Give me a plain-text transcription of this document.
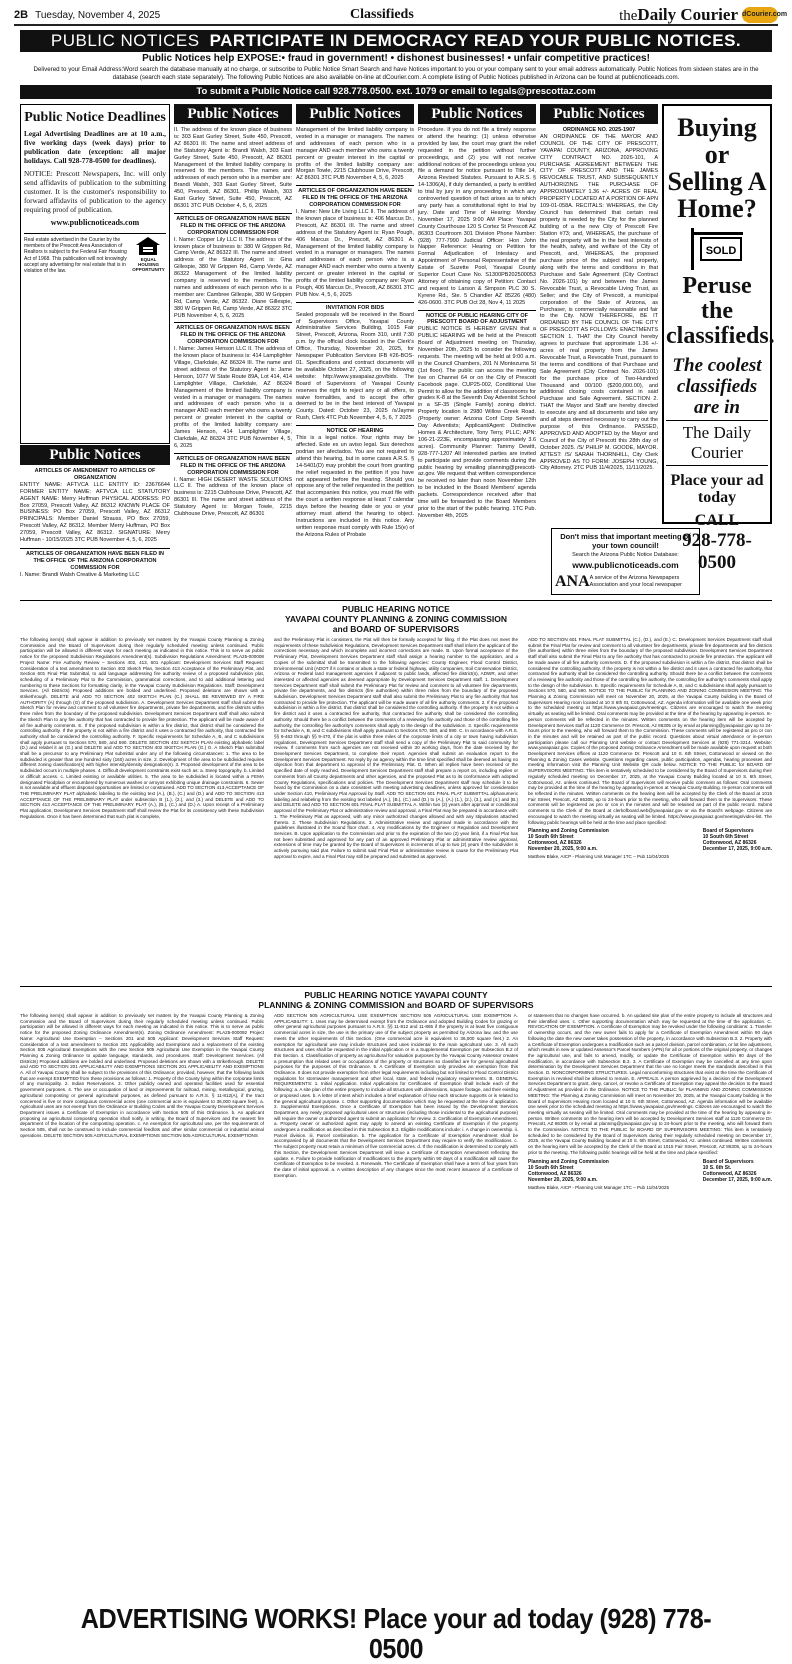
2B Tuesday, November 4, 2025	Classifieds	theDaily Courier dCourier.com
PUBLIC NOTICES PARTICIPATE IN DEMOCRACY READ YOUR PUBLIC NOTICES.
Public Notices help EXPOSE:• fraud in government! • dishonest businesses! • unfair competitive practices!
Delivered to your Email Address:Word search the database manually at no charge, or subscribe to Public Notice Smart Search and have Notices important to you or your company sent to your email address automatically. Public Notices from sixteen states are in the database (search each state separately). The following Public Notices are also available on-line at dCourier.com. A complete listing of Public Notices published in Arizona can be found at publicnoticeads.com.
To submit a Public Notice call 928.778.0500. ext. 1079 or email to legals@prescottaz.com
Public Notice Deadlines
Legal Advertising Deadlines are at 10 a.m., five working days (week days) prior to publication date (exception: all major holidays. Call 928-778-0500 for deadlines).
NOTICE: Prescott Newspapers, Inc. will only send affidavits of publication to the submitting customer. It is the customer's responsibility to forward affidavits of publication to the agency requiring proof of publication.
www.publicnoticeads.com
Real estate advertised in the Courier by the members of the Prescott Area Association of Realtors is subject to the Federal Fair Housing Act of 1968. This publication will not knowingly accept any advertising for real estate that is in violation of the law.
EQUAL HOUSING OPPORTUNITY
Public Notices
ARTICLES OF AMENDMENT TO ARTICLES OF ORGANIZATION
ENTITY NAME: AFTVCA LLC ENTITY ID: 23676644 FORMER ENTITY NAME: AFTVCA LLC STATUTORY AGENT NAME: Merry Huffman PHYSICAL ADDRESS: PO Box 27059, Prescott Valley, AZ 86312 KNOWN PLACE OF BUSINESS: PO Box 27059, Prescott Valley, AZ 86312 PRINCIPALS: Member Daniel Strauss, PO Box 27059, Prescott Valley, AZ 86312. Member Merry Huffman, PO Box 27059, Prescott Valley, AZ 86312. SIGNATURE: Merry Huffman - 10/15/2025 3TC PUB November 4, 5, 6, 2025
ARTICLES OF ORGANIZATION HAVE BEEN FILED IN THE OFFICE OF THE ARIZONA CORPORATION COMMISSION FOR
I. Name: Brandi Walsh Creative & Marketing LLC
Public Notices
II. The address of the known place of business is: 303 East Gurley Street, Suite 450, Prescott, AZ 86301 III. The name and street address of the Statutory Agent is: Brandi Walsh, 303 East Gurley Street, Suite 450, Prescott, AZ 86301 Management of the limited liability company is reserved to the members. The names and addresses of each person who is a member are: Brandi Walsh, 303 East Gurley Street, Suite 450, Prescott, AZ 86301. Phillip Walsh, 303 East Gurley Street, Suite 450, Prescott, AZ 86301 3TC PUB October 4, 5, 6, 2025
ARTICLES OF ORGANIZATION HAVE BEEN FILED IN THE OFFICE OF THE ARIZONA CORPORATION COMMISSION FOR
I. Name: Copper Lily LLC II. The address of the known place of business is: 380 W Grippen Rd, Camp Verde, AZ 86322 III. The name and street address of the Statutory Agent is: Gina Gillespie, 380 W Grippen Rd, Camp Verde, AZ 86322 Management of the limited liability company is reserved to the members. The names and addresses of each person who is a member are: Cambree Gillespie, 380 W Grippen Rd, Camp Verde, AZ 86322. Diane Gillespie, 380 W Grippen Rd, Camp Verde, AZ 86322 3TC PUB November 4, 5, 6, 2025
ARTICLES OF ORGANIZATION HAVE BEEN FILED IN THE OFFICE OF THE ARIZONA CORPORATION COMMISSION FOR
I. Name: James Henson LLC II. The address of the known place of business is: 414 Lamplighter Village, Clarkdale, AZ 86324 III. The name and street address of the Statutory Agent is: Jame Henson, 1077 W State Route 89A, Lot 414, 414 Lamplighter Village, Clarkdale, AZ 86324 Management of the limited liability company is vested in a manager or managers. The names and addresses of each person who is a manager AND each member who owns a twenty percent or greater interest in the capital or profits of the limited liability company are: James Henson, 414 Lamplighter Village, Clarkdale, AZ 86324 3TC PUB November 4, 5, 6, 2025
ARTICLES OF ORGANIZATION HAVE BEEN FILED IN THE OFFICE OF THE ARIZONA CORPORATION COMMISSION FOR
I. Name: HIGH DESERT WASTE SOLUTIONS LLC II. The address of the known place of business is: 2215 Clubhouse Drive, Prescott, AZ 86301 III. The name and street address of the Statutory Agent is: Morgan Towle, 2215 Clubhouse Drive, Prescott, AZ 86301
Public Notices
Management of the limited liability company is vested in a manager or managers. The names and addresses of each person who is a manager AND each member who owns a twenty percent or greater interest in the capital or profits of the limited liability company are: Morgan Towle, 2215 Clubhouse Drive, Prescott, AZ 86301 3TC PUB November 4, 5, 6, 2025
ARTICLES OF ORGANIZATION HAVE BEEN FILED IN THE OFFICE OF THE ARIZONA CORPORATION COMMISSION FOR
I. Name: New Life Living LLC II. The address of the known place of business is: 406 Marcus Dr., Prescott, AZ 86301 III. The name and street address of the Statutory Agent is: Ryan Pough, 406 Marcus Dr., Prescott, AZ 86301 A. Management of the limited liability company is vested in a manager or managers. The names and addresses of each person who is a manager AND each member who owns a twenty percent or greater interest in the capital or profits of the limited liability company are: Ryan Pough, 406 Marcus Dr., Prescott, AZ 86301 3TC PUB Nov. 4, 5, 6, 2025
INVITATION FOR BIDS
Sealed proposals will be received in the Board of Supervisors Office, Yavapai County Administrative Services Building, 1015 Fair Street, Prescott, Arizona, Room 310, until 7:30 p.m. by the official clock located in the Clerk's Office, Thursday, November 20, 2025, for Newspaper Publication Services IFB #26-BOS-01. Specifications and contract documents will be available October 27, 2025, on the following website: http://www.yavapaiaz.gov/bids. The Board of Supervisors of Yavapai County reserves the right to reject any or all offers, to waive formalities, and to accept the offer deemed to be in the best interest of Yavapai County. Dated: October 23, 2025 /s/Jayme Rush, Clerk 4TC Pub November 4, 5, 6, 7 2025
NOTICE OF HEARING
This is a legal notice. Your rights may be affected. Este es un aviso legal. Sus derechos podrian ser afectados. You are not required to attend this hearing, but in some cases A.R.S. § 14-5401(D) may prohibit the court from granting the relief requested in the petition if you have not appeared before the hearing. Should you oppose any of the relief requested in the petition that accompanies this notice, you must file with the court a written response at least 7 calendar days before the hearing date or you or your attorney must attend the hearing to object. Instructions are included in this notice. Any written response must comply with Rule 15(e) of the Arizona Rules of Probate
Public Notices
Procedure. If you do not file a timely response or attend the hearing: (1) unless otherwise provided by law, the court may grant the relief requested in the petition without further proceedings, and (2) you will not receive additional notices of the proceedings unless you file a demand for notice pursuant to Title 14, Arizona Revised Statutes. Pursuant to A.R.S. § 14-1306(A), if duly demanded, a party is entitled to trial by jury in any proceeding in which any controverted question of fact arises as to which any party has a constitutional right to trial by jury. Date and Time of Hearing: Monday November 17, 2025 9:00 AM Place: Yavapai County Courthouse 120 S Cortez St Prescott AZ 86303 Courtroom 301 Division Phone Number: (928) 777-7990 Judicial Officer: Hon John Napper Reference: Hearing on Petition for Formal Adjudication of Intestacy and Appointment of Personal Representative of the Estate of Suzette Pool, Yavapai County Superior Court Case No. S1300PB202500053 Attorney of obtaining copy of Petition: Contact and request to Larson & Simpson PLC 30 S. Kyrene Rd., Ste. 5 Chandler AZ 85226 (480) 426-0600. 3TC PUB Oct 28, Nov 4, 11 2025
NOTICE OF PUBLIC HEARING CITY OF PRESCOTT BOARD OF ADJUSTMENT
PUBLIC NOTICE IS HEREBY GIVEN that a PUBLIC HEARING will be held at the Prescott Board of Adjustment meeting on Thursday, November 20th, 2025 to consider the following requests. The meeting will be held at 9:00 a.m. in the Council Chambers, 201 N Montezuma St (1st floor). The public can access the meeting live on Channel 64 or on the City of Prescott Facebook page. CUP25-002, Conditional Use Permit to allow for the addition of classrooms for grades K-8 at the Seventh Day Adventist School in a SF-35 (Single Family) zoning district. Property location is 2980 Willow Creek Road. (Property owner: Arizona Conf Corp Seventh Day Adventists; Applicant/Agent: Distinctive Homes & Architecture, Tony Terry, PLLC; APN: 106-21-223E, encompassing approximately 3.6 acres). Community Planner: Tammy Dewitt, 928-777-1207 All interested parties are invited to participate and provide comments during the public hearing by emailing planning@prescott-az.gov. We request that written correspondence be received no later than noon November 12th to be included in the Board Members' agenda packets. Correspondence received after that time will be forwarded to the Board Members prior to the start of the public hearing. 1TC Pub. November 4th, 2025
Public Notices
ORDINANCE NO. 2025-1907
AN ORDINANCE OF THE MAYOR AND COUNCIL OF THE CITY OF PRESCOTT, YAVAPAI COUNTY, ARIZONA, APPROVING CITY CONTRACT NO. 2026-101, A PURCHASE AGREEMENT BETWEEN THE CITY OF PRESCOTT AND THE JAMES REVOCABLE TRUST, AND SUBSEQUENTLY AUTHORIZING THE PURCHASE OF APPROXIMATELY 1.36 +/- ACRES OF REAL PROPERTY LOCATED AT A PORTION OF APN 109-01-058A. RECITALS: WHEREAS, the City Council has determined that certain real property is needed by the City for the planned building of a the new City of Prescott Fire Station #73; and, WHEREAS, the purchase of the real property will be in the best interests of the health, safety, and welfare of the City of Prescott, and, WHEREAS, the proposed purchase price of the subject real property, along with the terms and conditions in that Purchase and Sale Agreement (City Contract No. 2026-101) by and between the James Revocable Trust, a Revocable Living Trust, as Seller; and the City of Prescott, a municipal corporation of the State of Arizona, as Purchaser, is commercially reasonable and fair to the City. NOW THEREFORE, BE IT ORDAINED BY THE COUNCIL OF THE CITY OF PRESCOTT AS FOLLOWS: ENACTMENTS SECTION 1. THAT the City Council hereby agrees to purchase that approximate 1.36 +/- acres of real property from the James Revocable Trust, a Revocable Trust, pursuant to the terms and conditions of that Purchase and Sale Agreement (City Contract No. 2026-101) for the purchase price of Two-Hundred Thousand and 00/100 ($200,000.00), and additional closing costs contained in said Purchase and Sale Agreement. SECTION 2. THAT the Mayor and Staff are hereby directed to execute any and all documents and take any and all steps deemed necessary to carry out the purpose of this Ordinance. PASSED, APPROVED AND ADOPTED by the Mayor and Council of the City of Prescott this 28th day of October 2025. /S/ PHILIP M. GOODE, MAYOR. ATTEST: /S/ SARAH THORNHILL, City Clerk APPROVED AS TO FORM: JOSEPH YOUNG, City Attorney. 2TC PUB 11/4/2025, 11/11/2025.
Buying or Selling A Home?
SOLD
Peruse the classifieds.
The coolest classifieds are in
The Daily Courier
Place your ad today
CALL
928-778-0500
Don't miss that important meeting of your town council!
Search the Arizona Public Notice Database:
www.publicnoticeads.com
ANA A service of the Arizona Newspapers Association and your local newspaper
PUBLIC HEARING NOTICE
YAVAPAI COUNTY PLANNING & ZONING COMMISSION
and BOARD OF SUPERVISORS
The following item(s) shall appear in addition to previously set matters by the Yavapai County Planning & Zoning Commission and the Board of Supervisors during their regularly scheduled meeting unless continued. Public participation will be allowed in different ways for each meeting as indicated in this notice. This is to serve as public notice for the proposed Subdivision Regulations Amendment(s). Subdivision Regulations Amendment: PLA25-000008 Project Name: Fire Authority Review – Sections 402, 413, 601 Applicant: Development Services Staff Request: Consideration of a text amendment to Section 402 Sketch Plan, Section 413 Acceptance of the Preliminary Plat, and Section 601 Final Plat Submittal, to add language addressing fire authority review of a proposed subdivision plat, scheduling of a Preliminary Plat to the Commission, grammatical corrections, and to add additional lettering and numbering to these Sections for formatting clarity, in the Yavapai County Subdivision Regulations. Staff: Development Services. (All Districts) Proposed additions are bolded and underlined. Proposed deletions are shown with a strikethrough. DELETE and ADD TO SECTION 402 SKETCH PLAN (C.) SHALL BE REVIEWED BY A FIRE AUTHORITY (A) through (G) of the proposed subdivision. A. Development Services Department staff shall submit the Sketch Plan for review and comment to all volunteer fire departments, private fire departments, and fire districts within three miles from the boundary of the proposed subdivision. Development Services Department staff shall also submit the Sketch Plan to any fire authority that has contracted to provide fire protection. The applicant will be made aware of all fire authority comments. E. If the proposed subdivision is within a fire district, that district shall be considered the controlling authority. If the property is not within a fire district and it uses a contracted fire authority, that contracted fire authority shall be considered the controlling authority. F. Specific requirements for Schedule A, B, and C subdivisions shall apply pursuant to Sections 570, 580, and 590. DELETE SECTION 402 SKETCH PLAN existing alphabetic label (D.) and relabel it as (G.) and DELETE and ADD TO SECTION 402 SKETCH PLAN (G.) G. A Sketch Plan submittal shall be a precursor to any Preliminary Plat submittal under any of the following circumstances: 1. The area to be subdivided is greater than one hundred sixty (160) acres in size. 2. Development of the area to be subdivided requires different zoning classification(s) with higher intensity/density designation(s). 3. Proposed development of the area to be subdivided occurs in multiple phases. 4. Difficult development constraints exist such as: a. Steep topography. b. Limited or difficult access. c. Limited existing or available utilities. 5. The area to be subdivided is located within a FEMA designated Floodplain or encumbered by numerous washes or arroyos exhibiting unique drainage constraints. 6. Sewer is not available and effluent disposal opportunities are limited or constrained. ADD TO SECTION 413 ACCEPTANCE OF THE PRELIMINARY PLAT alphabetic labeling to the existing text (A.), (B.), (C.) and (D.) and ADD TO SECTION 413 ACCEPTANCE OF THE PRELIMINARY PLAT under subsection B (1.), (2.), and (3.) and DELETE and ADD TO SECTION 413 ACCEPTANCE OF THE PRELIMINARY PLAT (A.), (B.), (C.) and (D.) A. Upon receipt of a Preliminary Plat application, Development Services Department staff shall review the Plat for its consistency with these Subdivision Regulations. Once it has been determined that such plat is complete,
and the Preliminary Plat is consistent, the Plat will then be formally accepted for filing. If the Plat does not meet the requirements of these Subdivision Regulations, Development Services Department staff shall inform the applicant of the corrections necessary and which incomplete and incorrect corrections are made. B. Upon formal acceptance of the Preliminary Plat, Development Services Department staff shall assign a hearing number to the application, and a Copies of the submittal shall be transmitted to the following agencies: County Engineer, Flood Control District, Environmental Unit (ADOT if it contains or abuts a state or federal highway, utility companies, Soil Conservation District, Arizona or Federal land management agencies if adjacent to public lands, affected fire district(s), ADWR, and other interested or affected agencies as deemed appropriate by Development Services Department staff. 1. Development Services Department staff shall submit the Preliminary Plat for review and comment to all volunteer fire departments, private fire departments, and fire districts (fire authorities) within three miles from the boundary of the proposed subdivision. Development Services Department staff shall also submit the Preliminary Plat to any fire authority that has contracted to provide fire protection. The applicant will be made aware of all fire authority comments. 2. If the proposed subdivision is within a fire district, that district shall be considered the controlling authority. If the property is not within a fire district and it uses a contracted fire authority, that contracted fire authority shall be considered the controlling authority. Should there be a conflict between the comments of a reviewing fire authority and those of the controlling fire authority, the controlling fire authority's comments shall apply to the design of the subdivision. 3. Specific requirements for Schedule A, B, and C subdivisions shall apply pursuant to Sections 570, 580, and 590. C. In accordance with A.R.S. §§ 9-463 through §§ 9-470, if the plat is within three miles of the corporate limits of a city or town having subdivision regulations, Development Services Department staff shall send a copy of the Preliminary Plat to said community for review. If comments from such agencies are not received within 30 working days, from the date received by the Development Services Department, to complete their report. Agencies shall submit an evaluation report to the Development Services Department. No reply by an agency within the time limit specified shall be deemed as having no objection from that department to approval of the Preliminary Plat. D. When all replies have been received or the specified date of reply reached, Development Services Department staff shall prepare a report on, including replies or comments from all County departments and other agencies, and the proposed Plat as to its conformance with adopted County Regulations, specifications and policies. The Development Services Department staff may schedule it to be heard by the Commission on a date consistent with meeting advertising deadlines, unless approved for consideration under Section 410, Preliminary Plat Approval by Staff. ADD TO SECTION 601 FINAL PLAT SUBMITTAL alphanumeric labeling and relabeling from the existing text labeled (A.), (B.), (C.) and (D.) to (A.), (A.) (1.), (2.), (3.), and (4.) and (B.) and DELETE and ADD TO SECTION 601 FINAL PLAT SUBMITTAL A. Within two (2) years after approval or conditional approval of the Preliminary Plat or administrative review and approval, a Final Plat may be prepared in accordance with: 1. The Preliminary Plat as approved, with any minor authorized changes allowed and with any stipulations attached thereto. 2. These Subdivision Regulations. 3. Administrative review and approval made in accordance with the guidelines illustrated in the Sound floor chart. 4. Any modifications by the Engineer or Regulation and Development Services. B. Upon application to the Commission and prior to the expiration of the two (2) year limit, if a Final Plat has not been submitted and approved for any part of an approved Preliminary Plat or administrative review approval, extensions of time may be granted by the Board of Supervisors in increments of up to two (2) years if the subdivider is actively pursuing said plat. Failure to submit said Final Plat or administrative review is cause for the Preliminary Plat approval to expire, and a Final Plat may still be prepared and submitted as approved.
ADD TO SECTION 601 FINAL PLAT SUBMITTAL (C.), (D.), and (E.) C. Development Services Department staff shall submit the Final Plat for review and comment to all volunteer fire departments, private fire departments and fire districts (fire authorities) within three miles from the boundary of the proposed subdivision. Development Services Department staff shall also submit the Final Plat to any fire authority that has contracted to provide fire protection. The applicant will be made aware of all fire authority comments. D. If the proposed subdivision is within a fire district, that district shall be considered the controlling authority. If the property is not within a fire district and it uses a contracted fire authority, that contracted fire authority shall be considered the controlling authority. Should there be a conflict between the comments of a reviewing fire authority and those of the controlling fire authority, the controlling fire authority's comments shall apply to the design of the subdivision. E. Specific requirements for Schedule A, B, and C subdivisions shall apply pursuant to Sections 570, 580, and 590. NOTICE TO THE PUBLIC for PLANNING AND ZONING COMMISSION MEETING: The Planning & Zoning Commission will meet on November 20, 2025, at the Yavapai County building in the Board of Supervisors Hearing room located at 10 S 6th St, Cottonwood, AZ. Agenda information will be available one week prior to the scheduled meeting at https://www.yavapaiaz.gov/meetings. Citizens are encouraged to watch the meeting virtually as seating will be limited. Oral comments may be provided at the time of the hearing by appearing in-person. In-person comments will be reflected in the minutes. Written comments on the hearing item will be accepted by Development Services staff at 1120 Commerce Dr. Prescott, Az 86305 or by email at planning@yavapaiaz.gov up to 24-hours prior to the meeting, who will forward them to the Commission. These comments will be registered as pro or con in the minutes and will be retained as part of the public record. Questions about virtual attendance or in-person participation please call our Planning Unit website or contact Development Services at (928) 771-3214. Website: www.yavapaiaz.gov. Copies of the proposed Zoning Ordinance Amendment will be made available upon request at both Development Services offices at 1120 Commerce Dr. Prescott and 10 S. 6th Street, Cottonwood or viewed on the Planning & Zoning Cases website. Questions regarding cases, public participation, agendas, hearing processes and meeting information visit the Planning Unit Website QR code below. NOTICE TO THE PUBLIC for BOARD OF SUPERVISORS MEETING: This item is tentatively scheduled to be considered by the Board of Supervisors during their regularly scheduled meeting on December 17, 2025, at the Yavapai County Building located at 10 S. 6th Street, Cottonwood, Az. unless continued. The Board of Supervisors will receive public comment as follows: Oral comments may be provided at the time of the hearing by appearing in-person at Yavapai County Building. In-person comments will be reflected in the minutes. Written comments on the hearing item will be accepted by the Clerk of the Board at 1015 Fair Street, Prescott, AZ 86305, up to 24-hours prior to the meeting, who will forward them to the Supervisors. These comments will be registered as pro or con in the minutes and will be retained as part of the public record. Submit comments to the Clerk of the Board at clerkofboard.web@yavapaiaz.gov or via the Board's webpage. Citizens are encouraged to watch the meeting virtually as seating will be limited. https://www.yavapaiaz.gov/meetings/video-list. The following public hearings will be held at the time and place specified:
Planning and Zoning Commission
10 South 6th Street
Cottonwood, AZ 86326
November 20, 2025, 9:00 a.m.
Board of Supervisors
10 South 6th Street
Cottonwood, AZ 86326
December 17, 2025, 9:00 a.m.
Matthew Blake, AICP - Planning Unit Manager 1TC – Pub 11/04/2025
PUBLIC HEARING NOTICE YAVAPAI COUNTY
PLANNING & ZONING COMMISSION and BOARD OF SUPERVISORS
The following item(s) shall appear in addition to previously set matters by the Yavapai County Planning & Zoning Commission and the Board of Supervisors during their regularly scheduled meeting unless continued. Public participation will be allowed in different ways for each meeting as indicated in this notice. This is to serve as public notice for the proposed Zoning Ordinance Amendment(s). Zoning Ordinance Amendment: PLA25-000092 Project Name: Agricultural Use Exemption – Sections 201 and 505 Applicant: Development Services Staff Request: Consideration of a text amendment to Section 201 Applicability and Exemptions and a replacement of the existing Section 505 Agricultural Exemptions with the new Section 505 Agricultural Use Exemption in the Yavapai County Planning & Zoning Ordinance to update language, standards, and procedures. Staff: Development Services. (All Districts) Proposed additions are bolded and underlined. Proposed deletions are shown with a strikethrough. DELETE and ADD TO SECTION 201 APPLICABILITY AND EXEMPTIONS SECTION 201 APPLICABILITY AND EXEMPTIONS A. All of Yavapai County shall be subject to the provisions of this Ordinance; provided, however, that the following lands that are exempt EXEMPTED from these provisions as follows: 1. Property of the County lying within the corporate limits of any municipality. 2. Indian Reservations. 3. Other publicly owned and operated facilities used for essential government purposes. 4. The use or occupation of land or improvements for railroad, mining, metallurgical, grazing, agricultural composting or general agricultural purposes, as defined pursuant to A.R.S. § 11-812(A), if the tract concerned is five or more contiguous commercial acres (one commercial acre is equivalent to 36,000 square feet). a. Agricultural uses are not exempt from the Ordinance or Building Codes until the Yavapai County Development Services Department issues a Certificate of Exemption in accordance with Section 505 of this Ordinance. b. An applicant proposing an agricultural composting operation shall notify, in writing, the Board of Supervisors and the nearest fire department of the location of the composting operation. c. An exemption for agricultural use, per the requirements of Section 505, shall not be construed to include commercial feedlots and other similar commercial or industrial animal operations. DELETE SECTION 505 AGRICULTURAL EXEMPTIONS SECTION 505 AGRICULTURAL EXEMPTIONS
ADD SECTION 505 AGRICULTURAL USE EXEMPTION SECTION 505 AGRICULTURAL USE EXEMPTION A. APPLICABILITY: 1. Uses may be determined exempt from the Ordinance and adopted Building Codes for grazing or other general agricultural purposes pursuant to A.R.S. §§ 11-812 and 11-865 if the property is at least five contiguous commercial acres in size, the use is the primary use of the subject property as permitted by Arizona law, and the use meets the other requirements of this Section. (One commercial acre is equivalent to 36,000 square feet.) 2. An exemption for agricultural use may include structures and uses incidental to the main agricultural use. 3. All such structures and uses shall be requested in the initial Application or in a Supplemental Exemption per Subsection B.2 of this Section. 4. Classification of property as agricultural for valuation purposes by the Yavapai County Assessor creates a presumption that related uses or occupations of the property or structures so classified are for general agricultural purposes for the purposes of this Ordinance. 5. A Certificate of Exemption only provides an exemption from this Ordinance. It does not provide exemption from other legal requirements including but not limited to Flood Control District regulations for stormwater management and other local, state, and federal regulatory requirements. B. GENERAL REQUIREMENTS: 1. Initial Application. Initial Applications for Certificates of Exemption shall include each of the following: a. A site plan of the entire property to include all structures with dimensions, square footage, and their existing or proposed uses. b. A letter of intent which includes a brief explanation of how each structure supports or is related to the general agricultural purpose. c. Other supporting documentation which may be requested at the time of application. 2. Supplemental Exemptions. Once a Certificate of Exemption has been issued by the Development Services Department, any newly proposed agricultural uses or structures (including those incidental to the agricultural purpose) will require the owner or authorized agent to submit an application for review. 3. Certification of Exemption Amendment. a. Property owner or authorized agent may apply to amend an existing Certificate of Exemption if the property undergoes a modification as described in this Subsection B.3. Eligible modifications include: i. A change in ownership. ii. Parcel division. iii. Parcel combination. b. The application for a Certificate of Exemption Amendment shall be accompanied by all documents that the Development Services Department may require to verify the modifications. c. The subject property must retain a minimum of five commercial acres. d. If the modification is determined to comply with this Section, the Development Services Department will issue a Certificate of Exemption Amendment reflecting the update. e. Failure to provide notification of modifications to the property within 90 days of a modification will cause the Certificate of Exemption to be revoked. 4. Renewals. The Certificate of Exemption shall have a term of four years from the date of initial approval. a. A written description of any changes since the most recent issuance of a Certificate of Exemption.
or statement that no changes have occurred. b. An updated site plan of the entire property to include all structures and their identified uses. c. Other supporting documentation which may be requested at the time of the application. C. REVOCATION OF EXEMPTION. A Certificate of Exemption may be revoked under the following conditions: 1. Transfer of ownership occurs, and the new owner fails to apply for a Certificate of Exemption Amendment within 90 days following the date the new owner takes possession of the property, in accordance with Subsection B.3. 2. Property with a Certificate of Exemption undergoes a modification such as a parcel division, parcel combination, or lot line adjustment, which results in new or updated Assessor's Parcel Numbers (APN) for all or portions of the original property, or changes the agricultural use, and fails to amend, modify, or update the Certificate of Exemption within 90 days of the modification, in accordance with Subsection B.3. 3. A Certificate of Exemption may be cancelled at any time upon determination by the Development Services Department that the use no longer meets the standards described in this Section. D. NONCONFORMING STRUCTURES. Legal nonconforming structures that exist at the time the Certificate of Exemption is revoked shall be allowed to remain. E. APPEALS. A person aggrieved by a decision of the Development Services Department to grant, deny, cancel, or revoke a Certificate of Exemption may appeal the decision to the Board of Adjustment as provided in the Ordinance. NOTICE TO THE PUBLIC for PLANNING AND ZONING COMMISSION MEETING: The Planning & Zoning Commission will meet on November 20, 2025, at the Yavapai County building in the Board of Supervisors Hearing room located at 10 S. 6th Street, Cottonwood, AZ. Agenda information will be available one week prior to the scheduled meeting at https://www.yavapaiaz.gov/meetings. Citizens are encouraged to watch the meeting virtually as seating will be limited. Oral comments may be provided at the time of the hearing by appearing in-person. Written comments on the hearing item will be accepted by Development Services staff at 1120 Commerce Dr. Prescott, AZ 86305 or by email at planning@yavapaiaz.gov up to 24-hours prior to the meeting, who will forward them to the Commission. NOTICE TO THE PUBLIC for BOARD OF SUPERVISORS MEETING: This item is tentatively scheduled to be considered by the Board of Supervisors during their regularly scheduled meeting on December 17, 2025, at the Yavapai County Building located at 10 S. 6th Street, Cottonwood, Az. unless continued. Written comments on the hearing item will be accepted by the Clerk of the Board at 1015 Fair Street, Prescott, AZ 86305, up to 24-hours prior to the meeting. The following public hearings will be held at the time and place specified:
Planning and Zoning Commission
10 South 6th Street
Cottonwood, AZ 86326
November 20, 2025, 9:00 a.m.
Board of Supervisors
10 S. 6th St.
Cottonwood, AZ 86326
December 17, 2025, 9:00 a.m.
Matthew Blake, AICP - Planning Unit Manager 1TC – Pub 11/04/2025
ADVERTISING WORKS! Place your ad today (928) 778-0500
